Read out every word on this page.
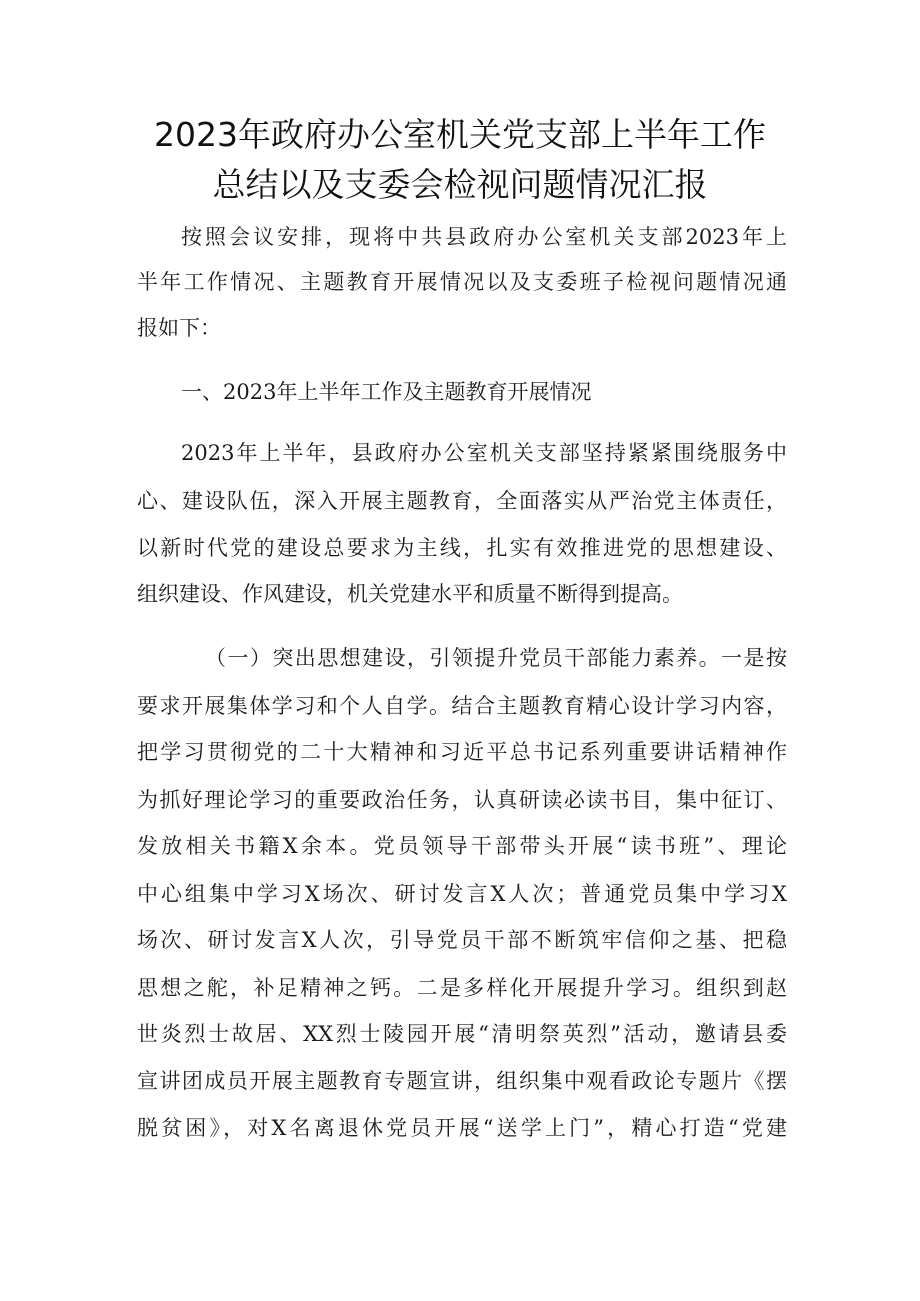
2023年政府办公室机关党支部上半年工作
总结以及支委会检视问题情况汇报
按照会议安排，现将中共县政府办公室机关支部2023年上
半年工作情况、主题教育开展情况以及支委班子检视问题情况通
报如下：
一、2023年上半年工作及主题教育开展情况
2023年上半年，县政府办公室机关支部坚持紧紧围绕服务中
心、建设队伍，深入开展主题教育，全面落实从严治党主体责任，
以新时代党的建设总要求为主线，扎实有效推进党的思想建设、
组织建设、作风建设，机关党建水平和质量不断得到提高。
（一）突出思想建设，引领提升党员干部能力素养。一是按
要求开展集体学习和个人自学。结合主题教育精心设计学习内容，
把学习贯彻党的二十大精神和习近平总书记系列重要讲话精神作
为抓好理论学习的重要政治任务，认真研读必读书目，集中征订、
发放相关书籍X余本。党员领导干部带头开展“读书班”、理论
中心组集中学习X场次、研讨发言X人次；普通党员集中学习X
场次、研讨发言X人次，引导党员干部不断筑牢信仰之基、把稳
思想之舵，补足精神之钙。二是多样化开展提升学习。组织到赵
世炎烈士故居、XX烈士陵园开展“清明祭英烈”活动，邀请县委
宣讲团成员开展主题教育专题宣讲，组织集中观看政论专题片《摆
脱贫困》，对X名离退休党员开展“送学上门”，精心打造“党建
